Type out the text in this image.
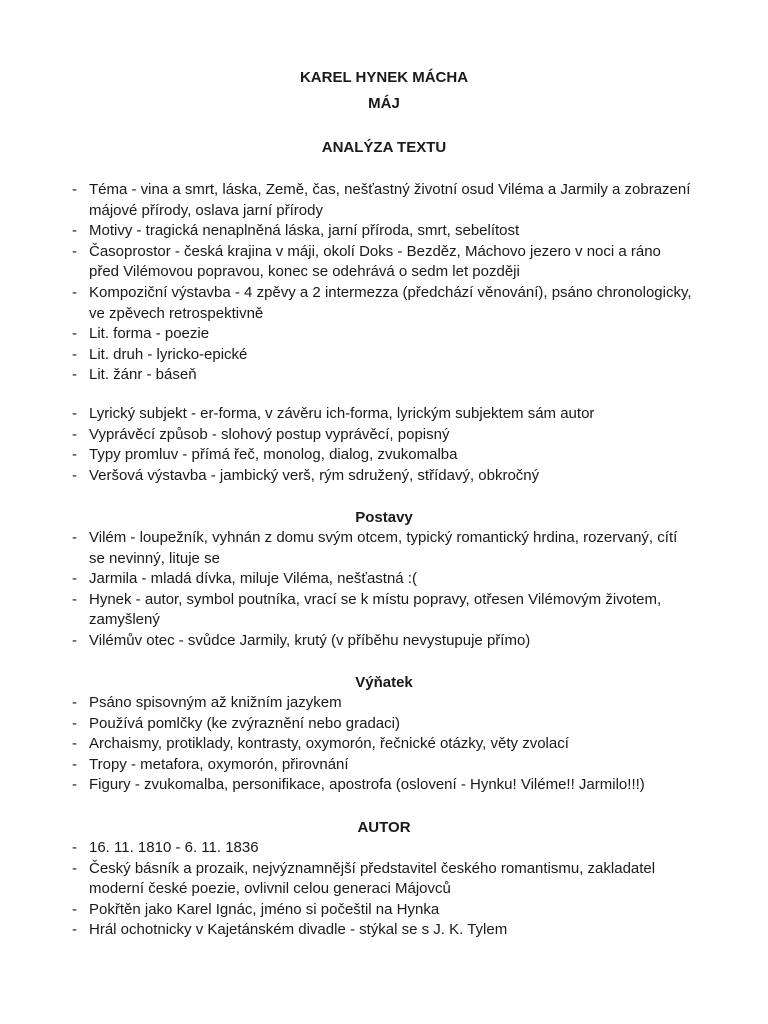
KAREL HYNEK MÁCHA
MÁJ
ANALÝZA TEXTU
- Téma - vina a smrt, láska, Země, čas, nešťastný životní osud Viléma a Jarmily a zobrazení májové přírody, oslava jarní přírody
- Motivy - tragická nenaplněná láska, jarní příroda, smrt, sebelítost
- Časoprostor - česká krajina v máji, okolí Doks - Bezděz, Máchovo jezero v noci a ráno před Vilémovou popravou, konec se odehrává o sedm let později
- Kompoziční výstavba - 4 zpěvy a 2 intermezza (předchází věnování), psáno chronologicky, ve zpěvech retrospektivně
- Lit. forma - poezie
- Lit. druh - lyricko-epické
- Lit. žánr - báseň
- Lyrický subjekt - er-forma, v závěru ich-forma, lyrickým subjektem sám autor
- Vyprávěcí způsob - slohový postup vyprávěcí, popisný
- Typy promluv - přímá řeč, monolog, dialog, zvukomalba
- Veršová výstavba - jambický verš, rým sdružený, střídavý, obkročný
Postavy
- Vilém - loupežník, vyhnán z domu svým otcem, typický romantický hrdina, rozervaný, cítí se nevinný, lituje se
- Jarmila - mladá dívka, miluje Viléma, nešťastná :(
- Hynek - autor, symbol poutníka, vrací se k místu popravy, otřesen Vilémovým životem, zamyšlený
- Vilémův otec - svůdce Jarmily, krutý (v příběhu nevystupuje přímo)
Výňatek
- Psáno spisovným až knižním jazykem
- Používá pomlčky (ke zvýraznění nebo gradaci)
- Archaismy, protiklady, kontrasty, oxymorón, řečnické otázky, věty zvolací
- Tropy - metafora, oxymorón, přirovnání
- Figury - zvukomalba, personifikace, apostrofa (oslovení - Hynku! Viléme!! Jarmilo!!!)
AUTOR
- 16. 11. 1810 - 6. 11. 1836
- Český básník a prozaik, nejvýznamnější představitel českého romantismu, zakladatel moderní české poezie, ovlivnil celou generaci Májovců
- Pokřtěn jako Karel Ignác, jméno si počeštil na Hynka
- Hrál ochotnicky v Kajetánském divadle - stýkal se s J. K. Tylem
